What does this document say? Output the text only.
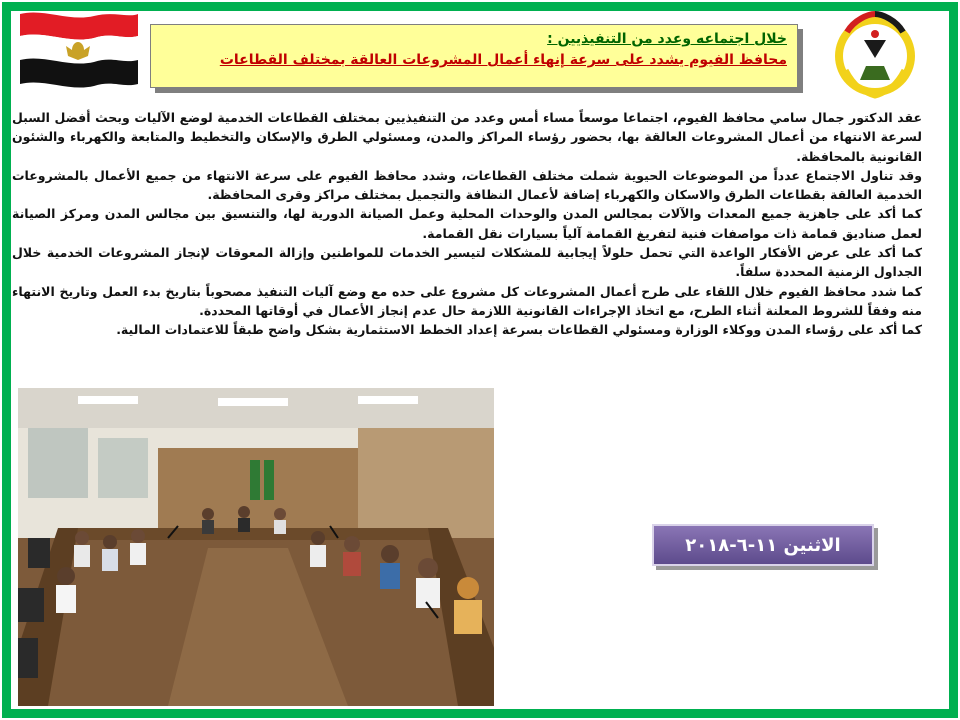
خلال اجتماعه وعدد من التنفيذيين :
محافظ الفيوم يشدد على سرعة إنهاء أعمال المشروعات العالقة بمختلف القطاعات

عقد الدكتور جمال سامي محافظ الفيوم، اجتماعا موسعاً مساء أمس وعدد من التنفيذيين بمختلف القطاعات الخدمية لوضع الآليات وبحث أفضل السبل لسرعة الانتهاء من أعمال المشروعات العالقة بها، بحضور رؤساء المراكز والمدن، ومسئولي الطرق والإسكان والتخطيط والمتابعة والكهرباء والشئون القانونية بالمحافظة.

وقد تناول الاجتماع عدداً من الموضوعات الحيوية شملت مختلف القطاعات، وشدد محافظ الفيوم على سرعة الانتهاء من جميع الأعمال بالمشروعات الخدمية العالقة بقطاعات الطرق والاسكان والكهرباء إضافة لأعمال النظافة والتجميل بمختلف مراكز وقرى المحافظة.

كما أكد على جاهزية جميع المعدات والآلات بمجالس المدن والوحدات المحلية وعمل الصيانة الدورية لها، والتنسيق بين مجالس المدن ومركز الصيانة لعمل صناديق قمامة ذات مواصفات فنية لتفريغ القمامة آلياً بسيارات نقل القمامة.

كما أكد على عرض الأفكار الواعدة التي تحمل حلولاً إيجابية للمشكلات لتيسير الخدمات للمواطنين وإزالة المعوقات لإنجاز المشروعات الخدمية خلال الجداول الزمنية المحددة سلفاً.

كما شدد محافظ الفيوم خلال اللقاء على طرح أعمال المشروعات كل مشروع على حده مع وضع آليات التنفيذ مصحوباً بتاريخ بدء العمل وتاريخ الانتهاء منه وفقاً للشروط المعلنة أثناء الطرح، مع اتخاذ الإجراءات القانونية اللازمة حال عدم إنجاز الأعمال في أوقاتها المحددة.

كما أكد على رؤساء المدن ووكلاء الوزارة ومسئولي القطاعات بسرعة إعداد الخطط الاستثمارية بشكل واضح طبقاً للاعتمادات المالية.

الاثنين ١١-٦-٢٠١٨
